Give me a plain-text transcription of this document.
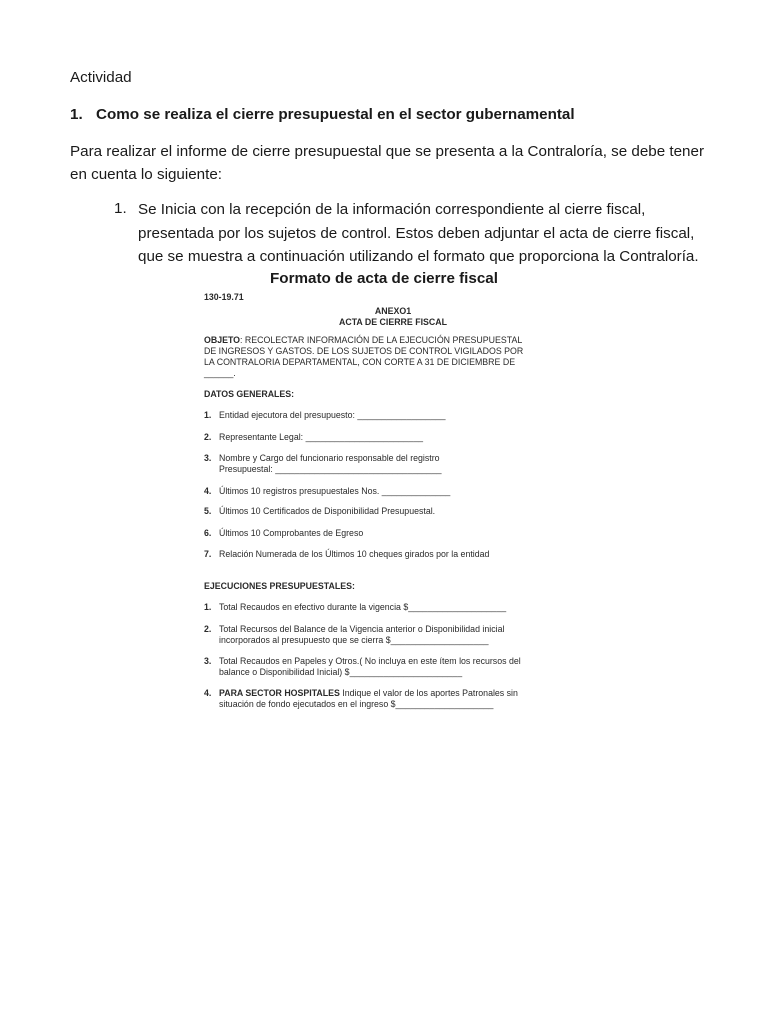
Actividad

1. Como se realiza el cierre presupuestal en el sector gubernamental

Para realizar el informe de cierre presupuestal que se presenta a la Contraloría, se debe tener en cuenta lo siguiente:

1. Se Inicia con la recepción de la información correspondiente al cierre fiscal, presentada por los sujetos de control. Estos deben adjuntar el acta de cierre fiscal, que se muestra a continuación utilizando el formato que proporciona la Contraloría.

Formato de acta de cierre fiscal

130-19.71

ANEXO1

ACTA DE CIERRE FISCAL

OBJETO: RECOLECTAR INFORMACIÓN DE LA EJECUCIÓN PRESUPUESTAL

DE INGRESOS Y GASTOS. DE LOS SUJETOS DE CONTROL VIGILADOS POR

LA CONTRALORIA DEPARTAMENTAL, CON CORTE A 31 DE DICIEMBRE DE

______.

DATOS GENERALES:

1. Entidad ejecutora del presupuesto: __________________

2. Representante Legal: ________________________

3. Nombre y Cargo del funcionario responsable del registro

Presupuestal: __________________________________

4. Últimos 10 registros presupuestales Nos. ______________

5. Últimos 10 Certificados de Disponibilidad Presupuestal.

6. Últimos 10 Comprobantes de Egreso

7. Relación Numerada de los Últimos 10 cheques girados por la entidad

EJECUCIONES PRESUPUESTALES:

1. Total Recaudos en efectivo durante la vigencia $____________________

2. Total Recursos del Balance de la Vigencia anterior o Disponibilidad inicial

incorporados al presupuesto que se cierra $____________________

3. Total Recaudos en Papeles y Otros.( No incluya en este ítem los recursos del

balance o Disponibilidad Inicial) $_______________________

4. PARA SECTOR HOSPITALES Indique el valor de los aportes Patronales sin

situación de fondo ejecutados en el ingreso $____________________
